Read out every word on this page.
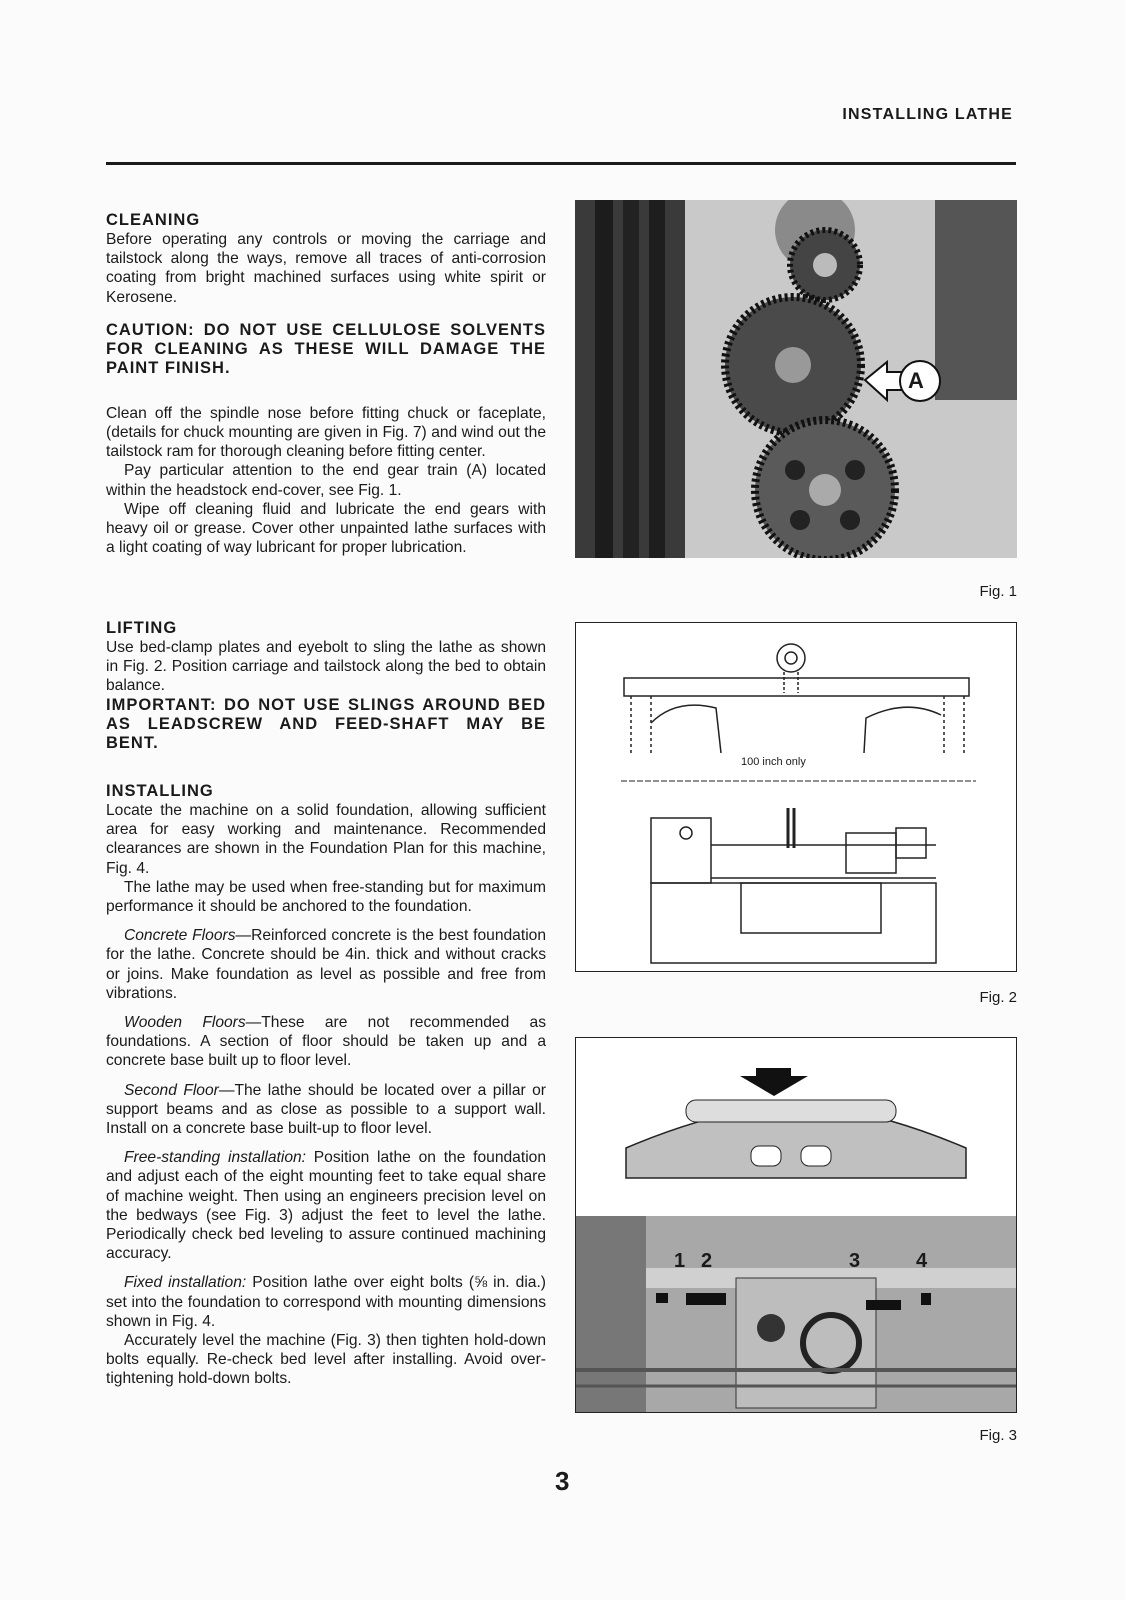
INSTALLING LATHE
CLEANING

Before operating any controls or moving the carriage and tailstock along the ways, remove all traces of anti-corrosion coating from bright machined surfaces using white spirit or Kerosene.

CAUTION: DO NOT USE CELLULOSE SOLVENTS FOR CLEANING AS THESE WILL DAMAGE THE PAINT FINISH.

Clean off the spindle nose before fitting chuck or faceplate, (details for chuck mounting are given in Fig. 7) and wind out the tailstock ram for thorough cleaning before fitting center.

Pay particular attention to the end gear train (A) located within the headstock end-cover, see Fig. 1.

Wipe off cleaning fluid and lubricate the end gears with heavy oil or grease. Cover other unpainted lathe surfaces with a light coating of way lubricant for proper lubrication.

LIFTING

Use bed-clamp plates and eyebolt to sling the lathe as shown in Fig. 2. Position carriage and tailstock along the bed to obtain balance.

IMPORTANT: DO NOT USE SLINGS AROUND BED AS LEADSCREW AND FEED-SHAFT MAY BE BENT.

INSTALLING

Locate the machine on a solid foundation, allowing sufficient area for easy working and maintenance. Recommended clearances are shown in the Foundation Plan for this machine, Fig. 4.

The lathe may be used when free-standing but for maximum performance it should be anchored to the foundation.

Concrete Floors—Reinforced concrete is the best foundation for the lathe. Concrete should be 4in. thick and without cracks or joins. Make foundation as level as possible and free from vibrations.

Wooden Floors—These are not recommended as foundations. A section of floor should be taken up and a concrete base built up to floor level.

Second Floor—The lathe should be located over a pillar or support beams and as close as possible to a support wall. Install on a concrete base built-up to floor level.

Free-standing installation: Position lathe on the foundation and adjust each of the eight mounting feet to take equal share of machine weight. Then using an engineers precision level on the bedways (see Fig. 3) adjust the feet to level the lathe. Periodically check bed leveling to assure continued machining accuracy.

Fixed installation: Position lathe over eight bolts (⅝ in. dia.) set into the foundation to correspond with mounting dimensions shown in Fig. 4.

Accurately level the machine (Fig. 3) then tighten hold-down bolts equally. Re-check bed level after installing. Avoid over-tightening hold-down bolts.

A
Fig. 1
100 inch only
Fig. 2
1 2	3	4
Fig. 3
3
